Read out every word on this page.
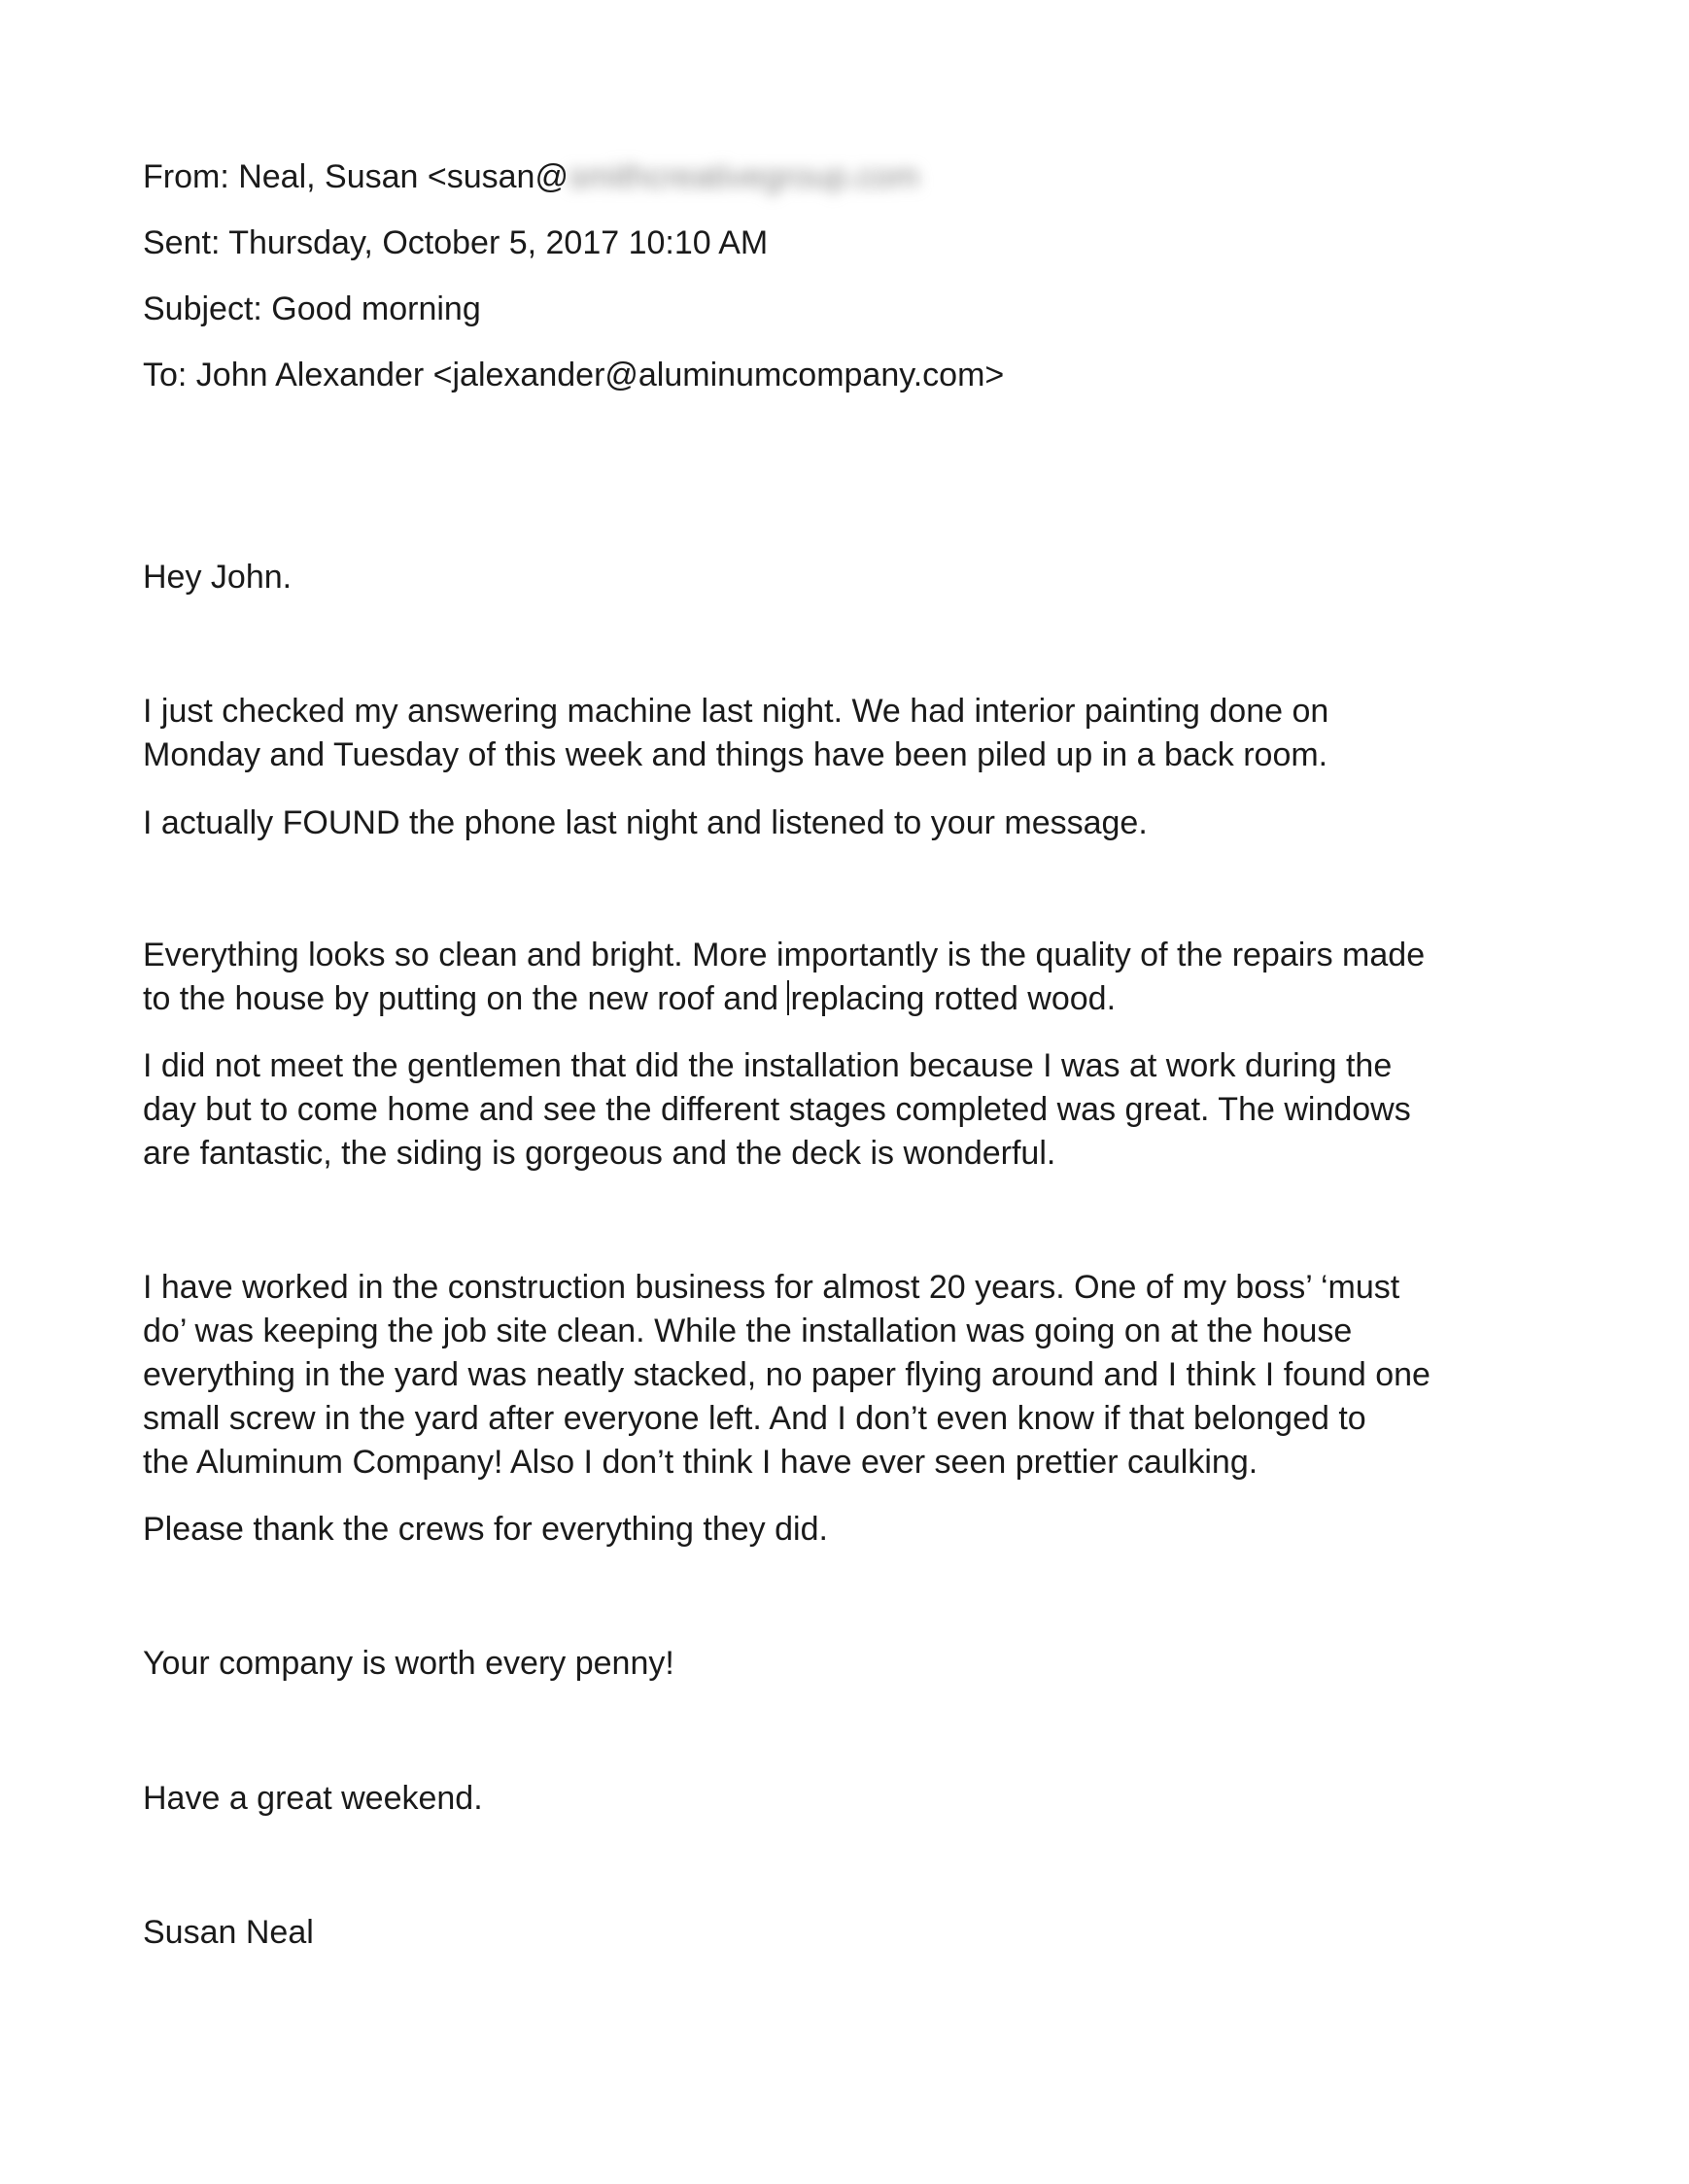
From: Neal, Susan <susan@smithcreativegroup.com
Sent: Thursday, October 5, 2017 10:10 AM
Subject: Good morning
To: John Alexander <jalexander@aluminumcompany.com>
Hey John.
I just checked my answering machine last night. We had interior painting done on
Monday and Tuesday of this week and things have been piled up in a back room.
I actually FOUND the phone last night and listened to your message.
Everything looks so clean and bright. More importantly is the quality of the repairs made
to the house by putting on the new roof and replacing rotted wood.
I did not meet the gentlemen that did the installation because I was at work during the
day but to come home and see the different stages completed was great. The windows
are fantastic, the siding is gorgeous and the deck is wonderful.
I have worked in the construction business for almost 20 years. One of my boss’ ‘must
do’ was keeping the job site clean. While the installation was going on at the house
everything in the yard was neatly stacked, no paper flying around and I think I found one
small screw in the yard after everyone left. And I don’t even know if that belonged to
the Aluminum Company! Also I don’t think I have ever seen prettier caulking.
Please thank the crews for everything they did.
Your company is worth every penny!
Have a great weekend.
Susan Neal
